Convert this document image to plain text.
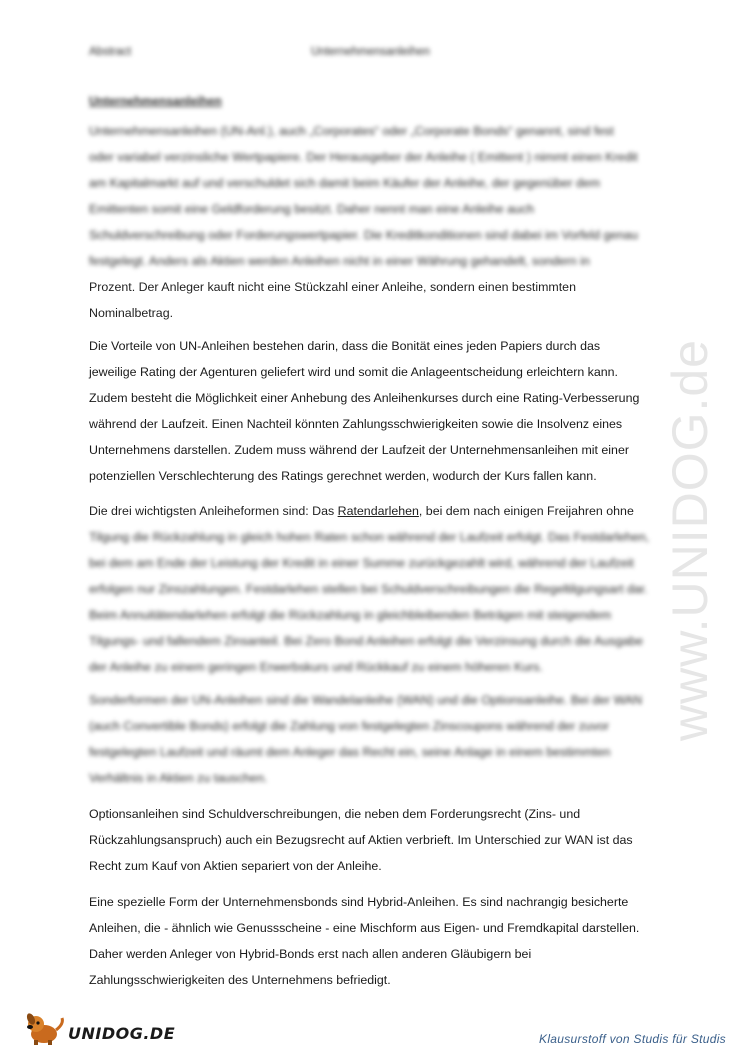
Abstract	Unternehmensanleihen
Unternehmensanleihen

Unternehmensanleihen (UN-Anl.), auch „Corporates“ oder „Corporate Bonds“ genannt, sind fest
oder variabel verzinsliche Wertpapiere. Der Herausgeber der Anleihe ( Emittent ) nimmt einen Kredit
am Kapitalmarkt auf und verschuldet sich damit beim Käufer der Anleihe, der gegenüber dem
Emittenten somit eine Geldforderung besitzt. Daher nennt man eine Anleihe auch
Schuldverschreibung oder Forderungswertpapier. Die Kreditkonditionen sind dabei im Vorfeld genau
festgelegt. Anders als Aktien werden Anleihen nicht in einer Währung gehandelt, sondern in
Prozent. Der Anleger kauft nicht eine Stückzahl einer Anleihe, sondern einen bestimmten
Nominalbetrag.

Die Vorteile von UN-Anleihen bestehen darin, dass die Bonität eines jeden Papiers durch das
jeweilige Rating der Agenturen geliefert wird und somit die Anlageentscheidung erleichtern kann.
Zudem besteht die Möglichkeit einer Anhebung des Anleihenkurses durch eine Rating-Verbesserung
während der Laufzeit. Einen Nachteil könnten Zahlungsschwierigkeiten sowie die Insolvenz eines
Unternehmens darstellen. Zudem muss während der Laufzeit der Unternehmensanleihen mit einer
potenziellen Verschlechterung des Ratings gerechnet werden, wodurch der Kurs fallen kann.

Die drei wichtigsten Anleiheformen sind: Das Ratendarlehen, bei dem nach einigen Freijahren ohne
Tilgung die Rückzahlung in gleich hohen Raten schon während der Laufzeit erfolgt. Das Festdarlehen,
bei dem am Ende der Leistung der Kredit in einer Summe zurückgezahlt wird, während der Laufzeit
erfolgen nur Zinszahlungen. Festdarlehen stellen bei Schuldverschreibungen die Regeltilgungsart dar.
Beim Annuitätendarlehen erfolgt die Rückzahlung in gleichbleibenden Beträgen mit steigendem
Tilgungs- und fallendem Zinsanteil. Bei Zero Bond Anleihen erfolgt die Verzinsung durch die Ausgabe
der Anleihe zu einem geringen Erwerbskurs und Rückkauf zu einem höheren Kurs.

Sonderformen der UN-Anleihen sind die Wandelanleihe (WAN) und die Optionsanleihe. Bei der WAN
(auch Convertible Bonds) erfolgt die Zahlung von festgelegten Zinscoupons während der zuvor
festgelegten Laufzeit und räumt dem Anleger das Recht ein, seine Anlage in einem bestimmten
Verhältnis in Aktien zu tauschen.

Optionsanleihen sind Schuldverschreibungen, die neben dem Forderungsrecht (Zins- und
Rückzahlungsanspruch) auch ein Bezugsrecht auf Aktien verbrieft. Im Unterschied zur WAN ist das
Recht zum Kauf von Aktien separiert von der Anleihe.

Eine spezielle Form der Unternehmensbonds sind Hybrid-Anleihen. Es sind nachrangig besicherte
Anleihen, die - ähnlich wie Genussscheine - eine Mischform aus Eigen- und Fremdkapital darstellen.
Daher werden Anleger von Hybrid-Bonds erst nach allen anderen Gläubigern bei
Zahlungsschwierigkeiten des Unternehmens befriedigt.

www.UNIDOG.de
UNIDOG.DE	Klausurstoff von Studis für Studis
